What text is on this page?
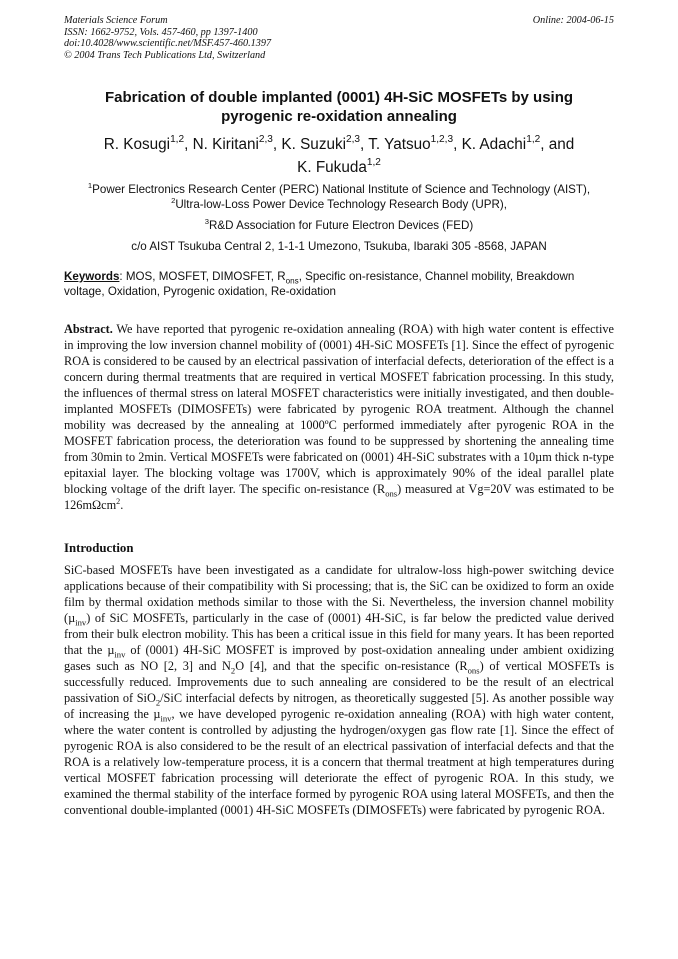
Materials Science Forum
ISSN: 1662-9752, Vols. 457-460, pp 1397-1400
doi:10.4028/www.scientific.net/MSF.457-460.1397
© 2004 Trans Tech Publications Ltd, Switzerland
Online: 2004-06-15
Fabrication of double implanted (0001) 4H-SiC MOSFETs by using
pyrogenic re-oxidation annealing
R. Kosugi$^{1,2}$, N. Kiritani$^{2,3}$, K. Suzuki$^{2,3}$, T. Yatsuo$^{1,2,3}$, K. Adachi$^{1,2}$, and
K. Fukuda$^{1,2}$
$^1$Power Electronics Research Center (PERC) National Institute of Science and Technology (AIST),
$^2$Ultra-low-Loss Power Device Technology Research Body (UPR),
$^3$R&D Association for Future Electron Devices (FED)
c/o AIST Tsukuba Central 2, 1-1-1 Umezono, Tsukuba, Ibaraki 305 -8568, JAPAN
Keywords: MOS, MOSFET, DIMOSFET, $R_{ons}$, Specific on-resistance, Channel mobility, Breakdown voltage, Oxidation, Pyrogenic oxidation, Re-oxidation
Abstract. We have reported that pyrogenic re-oxidation annealing (ROA) with high water content is effective in improving the low inversion channel mobility of (0001) 4H-SiC MOSFETs [1]. Since the effect of pyrogenic ROA is considered to be caused by an electrical passivation of interfacial defects, deterioration of the effect is a concern during thermal treatments that are required in vertical MOSFET fabrication processing. In this study, the influences of thermal stress on lateral MOSFET characteristics were initially investigated, and then double-implanted MOSFETs (DIMOSFETs) were fabricated by pyrogenic ROA treatment. Although the channel mobility was decreased by the annealing at 1000ºC performed immediately after pyrogenic ROA in the MOSFET fabrication process, the deterioration was found to be suppressed by shortening the annealing time from 30min to 2min. Vertical MOSFETs were fabricated on (0001) 4H-SiC substrates with a 10µm thick n-type epitaxial layer. The blocking voltage was 1700V, which is approximately 90% of the ideal parallel plate blocking voltage of the drift layer. The specific on-resistance $(R_{ons})$ measured at Vg=20V was estimated to be 126mΩcm$^2$.
Introduction
SiC-based MOSFETs have been investigated as a candidate for ultralow-loss high-power switching device applications because of their compatibility with Si processing; that is, the SiC can be oxidized to form an oxide film by thermal oxidation methods similar to those with the Si. Nevertheless, the inversion channel mobility (µ$_{inv}$) of SiC MOSFETs, particularly in the case of (0001) 4H-SiC, is far below the predicted value derived from their bulk electron mobility. This has been a critical issue in this field for many years. It has been reported that the µ$_{inv}$ of (0001) 4H-SiC MOSFET is improved by post-oxidation annealing under ambient oxidizing gases such as NO [2, 3] and $N_2O$ [4], and that the specific on-resistance $(R_{ons})$ of vertical MOSFETs is successfully reduced. Improvements due to such annealing are considered to be the result of an electrical passivation of SiO$_2$/SiC interfacial defects by nitrogen, as theoretically suggested [5]. As another possible way of increasing the µ$_{inv}$, we have developed pyrogenic re-oxidation annealing (ROA) with high water content, where the water content is controlled by adjusting the hydrogen/oxygen gas flow rate [1]. Since the effect of pyrogenic ROA is also considered to be the result of an electrical passivation of interfacial defects and that the ROA is a relatively low-temperature process, it is a concern that thermal treatment at high temperatures during vertical MOSFET fabrication processing will deteriorate the effect of pyrogenic ROA. In this study, we examined the thermal stability of the interface formed by pyrogenic ROA using lateral MOSFETs, and then the conventional double-implanted (0001) 4H-SiC MOSFETs (DIMOSFETs) were fabricated by pyrogenic ROA.
